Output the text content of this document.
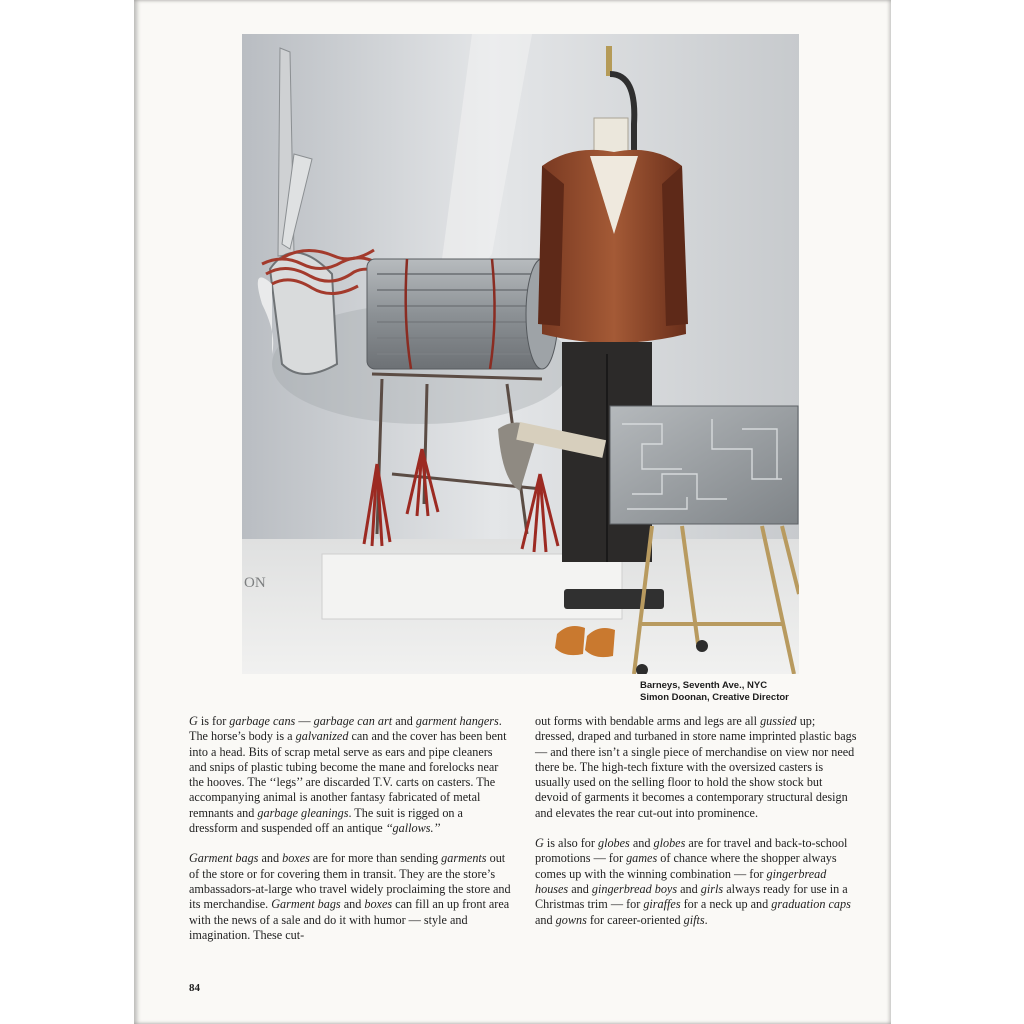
ON
Barneys, Seventh Ave., NYC
Simon Doonan, Creative Director

G is for garbage cans — garbage can art and garment hangers. The horse’s body is a galvanized can and the cover has been bent into a head. Bits of scrap metal serve as ears and pipe cleaners and snips of plastic tubing become the mane and forelocks near the hooves. The ‘‘legs’’ are discarded T.V. carts on casters. The accompanying animal is another fantasy fabricated of metal remnants and garbage gleanings. The suit is rigged on a dressform and suspended off an antique ‘‘gallows.’’

Garment bags and boxes are for more than sending garments out of the store or for covering them in transit. They are the store’s ambassadors-at-large who travel widely proclaiming the store and its merchandise. Garment bags and boxes can fill an up front area with the news of a sale and do it with humor — style and imagination. These cut-

out forms with bendable arms and legs are all gussied up; dressed, draped and turbaned in store name imprinted plastic bags — and there isn’t a single piece of merchandise on view nor need there be. The high-tech fixture with the oversized casters is usually used on the selling floor to hold the show stock but devoid of garments it becomes a contemporary structural design and elevates the rear cut-out into prominence.

G is also for globes and globes are for travel and back-to-school promotions — for games of chance where the shopper always comes up with the winning combination — for gingerbread houses and gingerbread boys and girls always ready for use in a Christmas trim — for giraffes for a neck up and graduation caps and gowns for career-oriented gifts.

84
